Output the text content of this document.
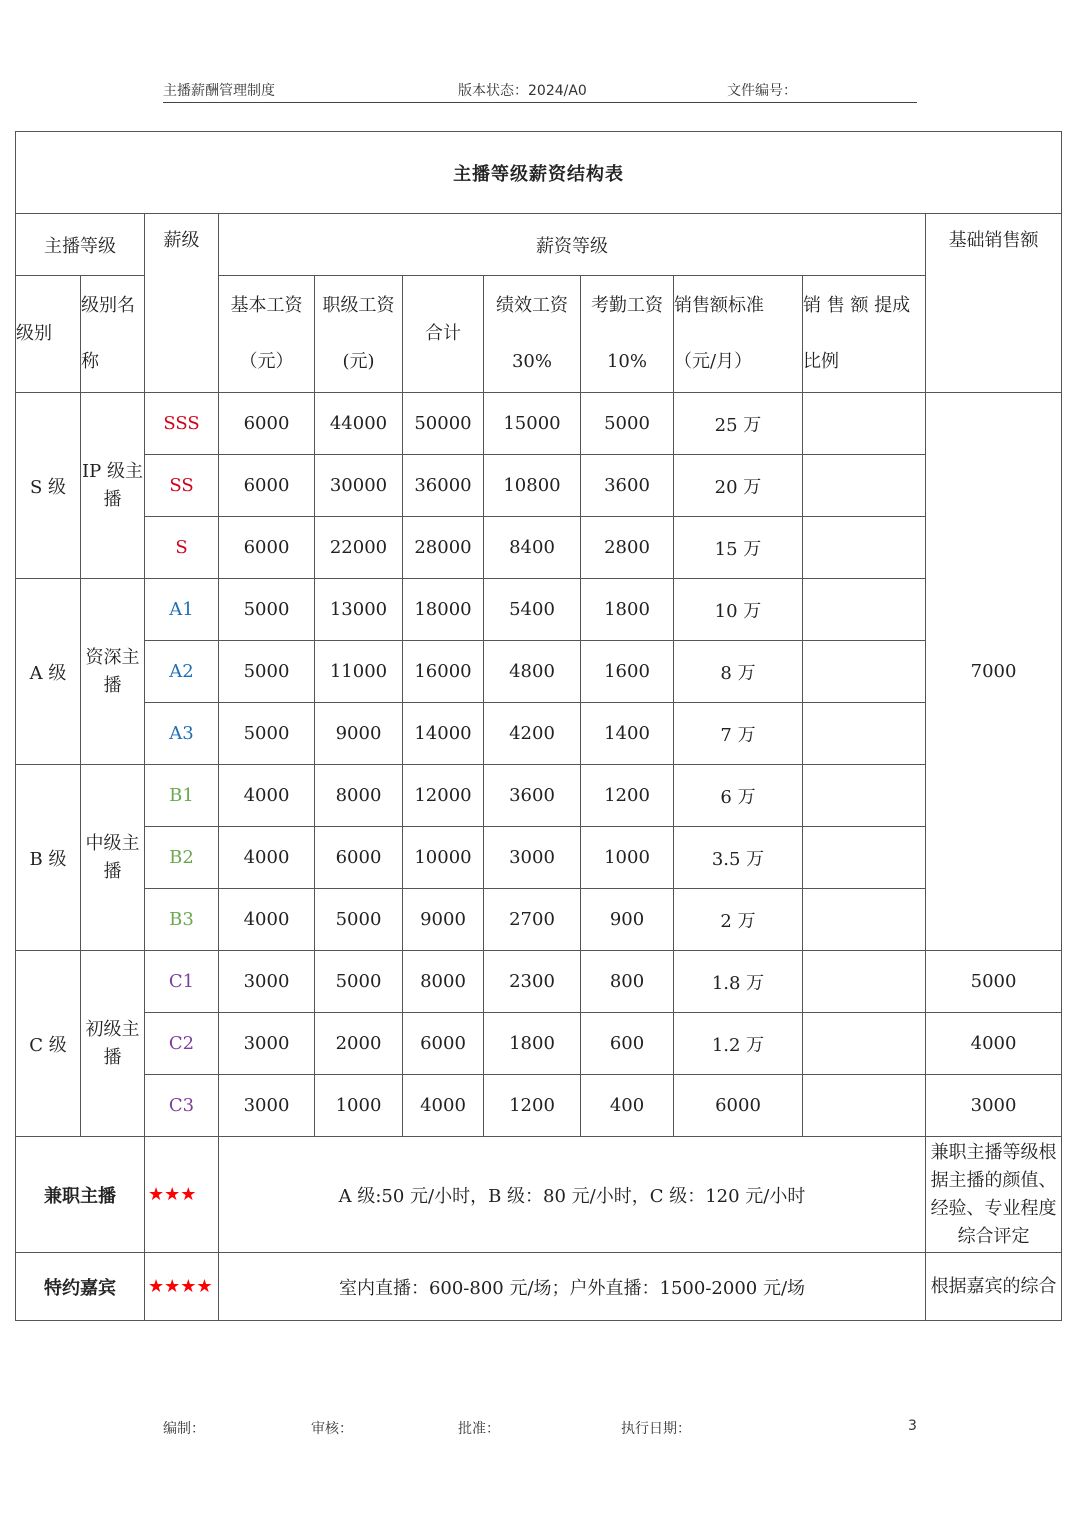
主播薪酬管理制度	版本状态：2024/A0	文件编号：
主播等级薪资结构表										
主播等级		薪级	薪资等级							基础销售额
级别	级别名称		基本工资（元）	职级工资(元)	合计	绩效工资 30%	考勤工资 10%	销售额标准（元/月）	销 售 额 提成比例	
S 级	IP 级主播	SSS	6000	44000	50000	15000	5000	25 万		7000
		SS	6000	30000	36000	10800	3600	20 万		
		S	6000	22000	28000	8400	2800	15 万		
A 级	资深主播	A1	5000	13000	18000	5400	1800	10 万		
		A2	5000	11000	16000	4800	1600	8 万		
		A3	5000	9000	14000	4200	1400	7 万		
B 级	中级主播	B1	4000	8000	12000	3600	1200	6 万		
		B2	4000	6000	10000	3000	1000	3.5 万		
		B3	4000	5000	9000	2700	900	2 万		
C 级	初级主播	C1	3000	5000	8000	2300	800	1.8 万		5000
		C2	3000	2000	6000	1800	600	1.2 万		4000
		C3	3000	1000	4000	1200	400	6000		3000
兼职主播		★★★	A 级:50 元/小时，B 级：80 元/小时，C 级：120 元/小时							兼职主播等级根据主播的颜值、经验、专业程度综合评定
特约嘉宾		★★★★	室内直播：600-800 元/场；户外直播：1500-2000 元/场							根据嘉宾的综合
编制：	审核：	批准：	执行日期：	3
